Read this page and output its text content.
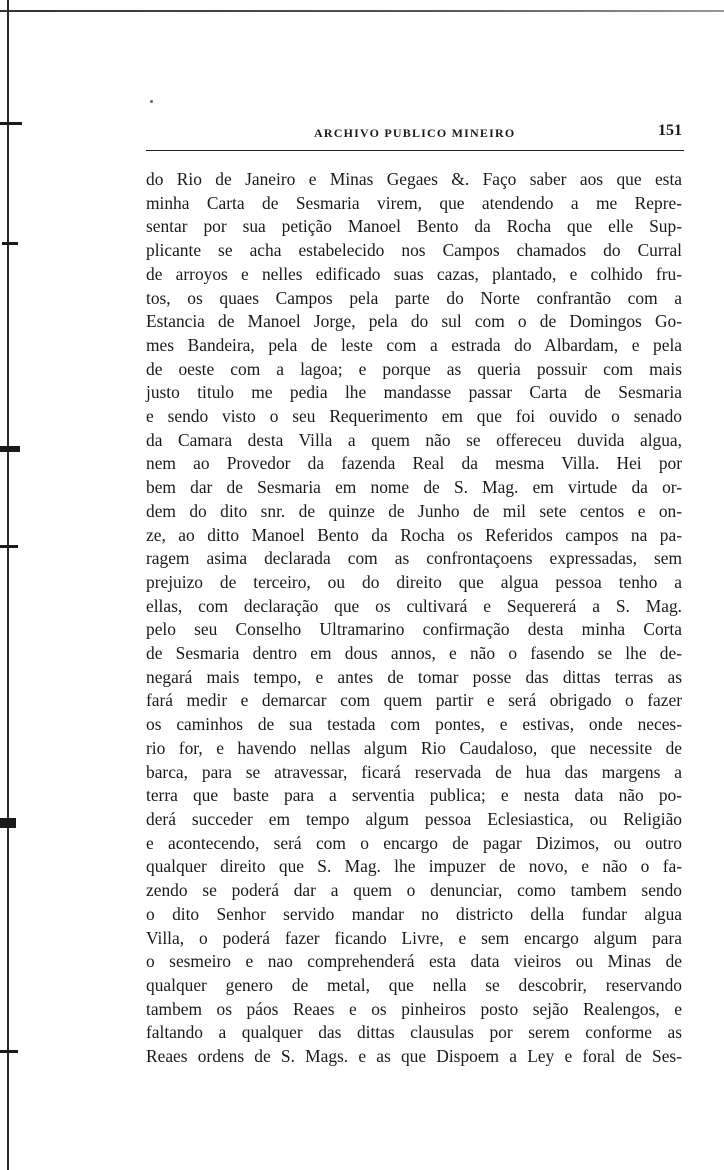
ARCHIVO PUBLICO MINEIRO	151
do Rio de Janeiro e Minas Gegaes &. Faço saber aos que esta
minha Carta de Sesmaria virem, que atendendo a me Repre-
sentar por sua petição Manoel Bento da Rocha que elle Sup-
plicante se acha estabelecido nos Campos chamados do Curral
de arroyos e nelles edificado suas cazas, plantado, e colhido fru-
tos, os quaes Campos pela parte do Norte confrantão com a
Estancia de Manoel Jorge, pela do sul com o de Domingos Go-
mes Bandeira, pela de leste com a estrada do Albardam, e pela
de oeste com a lagoa; e porque as queria possuir com mais
justo titulo me pedia lhe mandasse passar Carta de Sesmaria
e sendo visto o seu Requerimento em que foi ouvido o senado
da Camara desta Villa a quem não se offereceu duvida algua,
nem ao Provedor da fazenda Real da mesma Villa. Hei por
bem dar de Sesmaria em nome de S. Mag. em virtude da or-
dem do dito snr. de quinze de Junho de mil sete centos e on-
ze, ao ditto Manoel Bento da Rocha os Referidos campos na pa-
ragem asima declarada com as confrontaçoens expressadas, sem
prejuizo de terceiro, ou do direito que algua pessoa tenho a
ellas, com declaração que os cultivará e Sequererá a S. Mag.
pelo seu Conselho Ultramarino confirmação desta minha Corta
de Sesmaria dentro em dous annos, e não o fasendo se lhe de-
negará mais tempo, e antes de tomar posse das dittas terras as
fará medir e demarcar com quem partir e será obrigado o fazer
os caminhos de sua testada com pontes, e estivas, onde neces-
rio for, e havendo nellas algum Rio Caudaloso, que necessite de
barca, para se atravessar, ficará reservada de hua das margens a
terra que baste para a serventia publica; e nesta data não po-
derá succeder em tempo algum pessoa Eclesiastica, ou Religião
e acontecendo, será com o encargo de pagar Dizimos, ou outro
qualquer direito que S. Mag. lhe impuzer de novo, e não o fa-
zendo se poderá dar a quem o denunciar, como tambem sendo
o dito Senhor servido mandar no districto della fundar algua
Villa, o poderá fazer ficando Livre, e sem encargo algum para
o sesmeiro e nao comprehenderá esta data vieiros ou Minas de
qualquer genero de metal, que nella se descobrir, reservando
tambem os páos Reaes e os pinheiros posto sejão Realengos, e
faltando a qualquer das dittas clausulas por serem conforme as
Reaes ordens de S. Mags. e as que Dispoem a Ley e foral de Ses-
